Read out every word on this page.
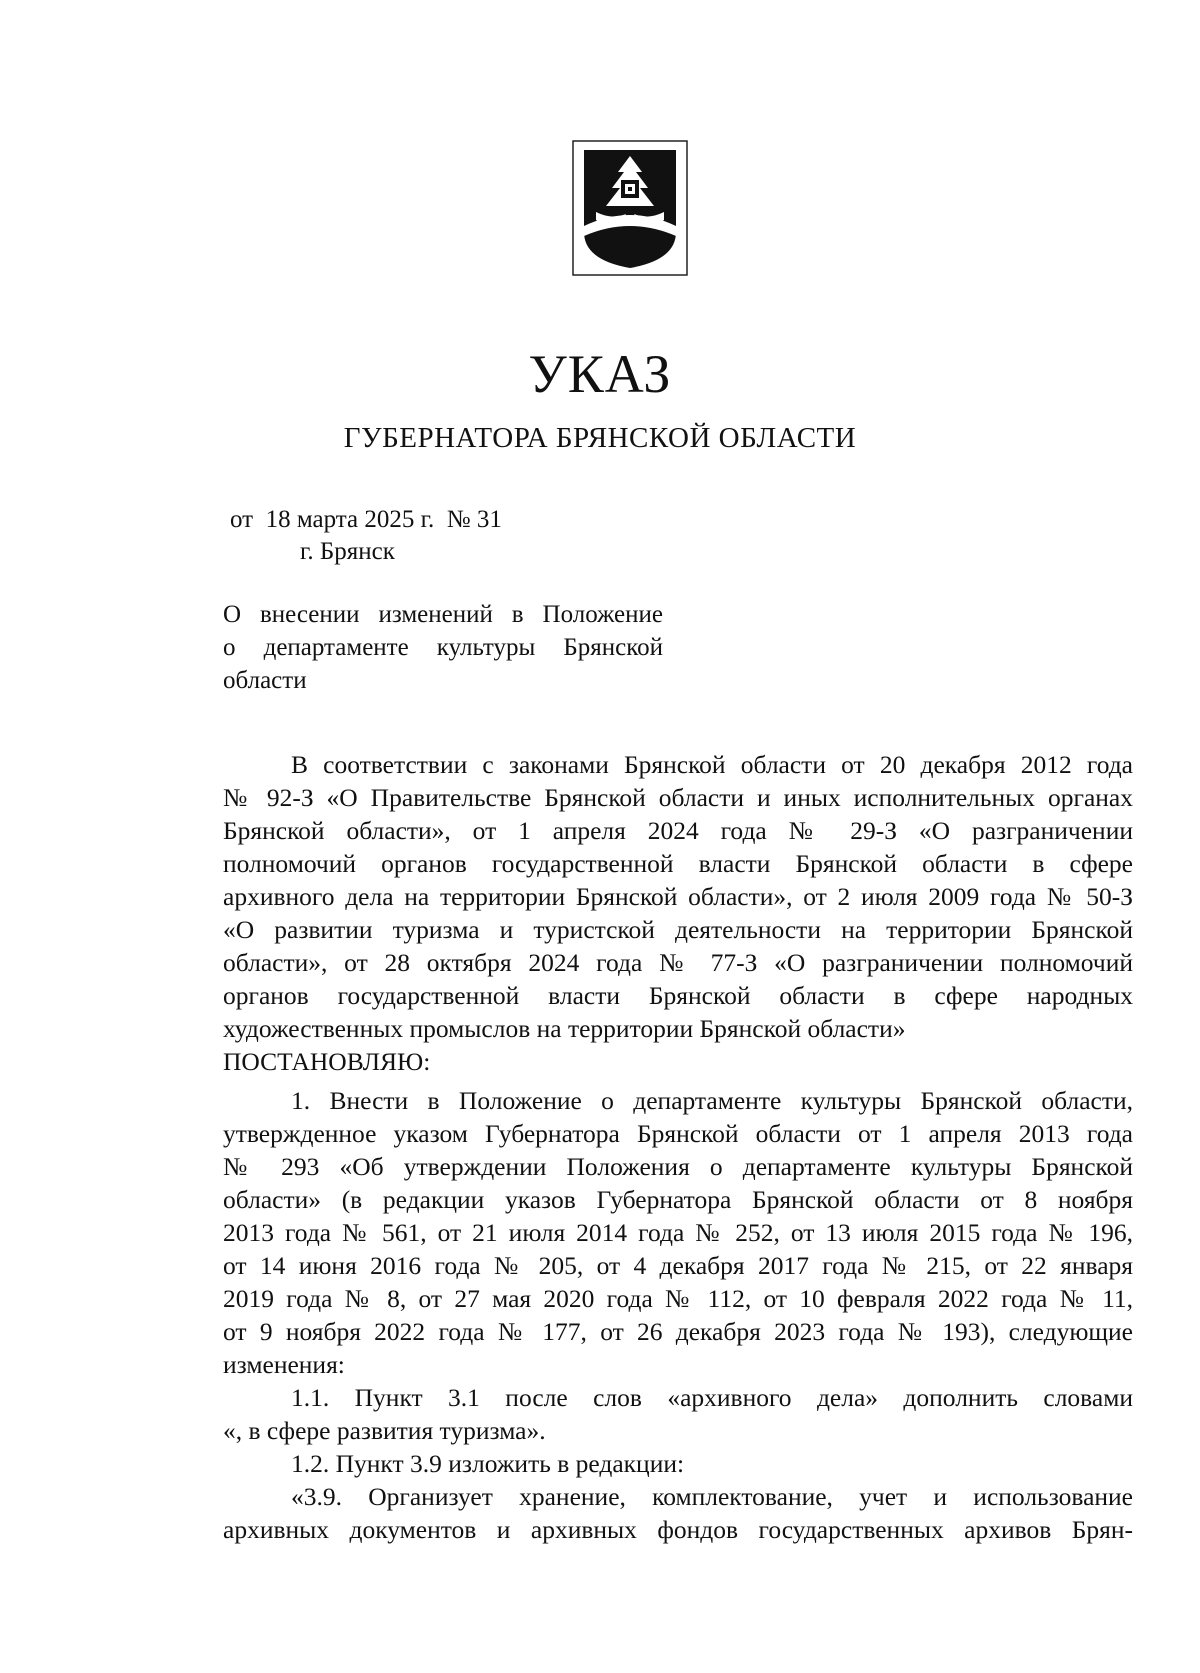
УКАЗ
ГУБЕРНАТОРА БРЯНСКОЙ ОБЛАСТИ
от  18 марта 2025 г.  № 31
г. Брянск
О внесении изменений в Положение
о департаменте культуры Брянской
области
В соответствии с законами Брянской области от 20 декабря 2012 года
№ 92-З «О Правительстве Брянской области и иных исполнительных органах
Брянской области», от 1 апреля 2024 года № 29-З «О разграничении
полномочий органов государственной власти Брянской области в сфере
архивного дела на территории Брянской области», от 2 июля 2009 года № 50-З
«О развитии туризма и туристской деятельности на территории Брянской
области», от 28 октября 2024 года № 77-З «О разграничении полномочий
органов государственной власти Брянской области в сфере народных
художественных промыслов на территории Брянской области»
ПОСТАНОВЛЯЮ:
1. Внести в Положение о департаменте культуры Брянской области,
утвержденное указом Губернатора Брянской области от 1 апреля 2013 года
№ 293 «Об утверждении Положения о департаменте культуры Брянской
области» (в редакции указов Губернатора Брянской области от 8 ноября
2013 года № 561, от 21 июля 2014 года № 252, от 13 июля 2015 года № 196,
от 14 июня 2016 года № 205, от 4 декабря 2017 года № 215, от 22 января
2019 года № 8, от 27 мая 2020 года № 112, от 10 февраля 2022 года № 11,
от 9 ноября 2022 года № 177, от 26 декабря 2023 года № 193), следующие
изменения:
1.1. Пункт 3.1 после слов «архивного дела» дополнить словами
«, в сфере развития туризма».
1.2. Пункт 3.9 изложить в редакции:
«3.9. Организует хранение, комплектование, учет и использование
архивных документов и архивных фондов государственных архивов Брян-
